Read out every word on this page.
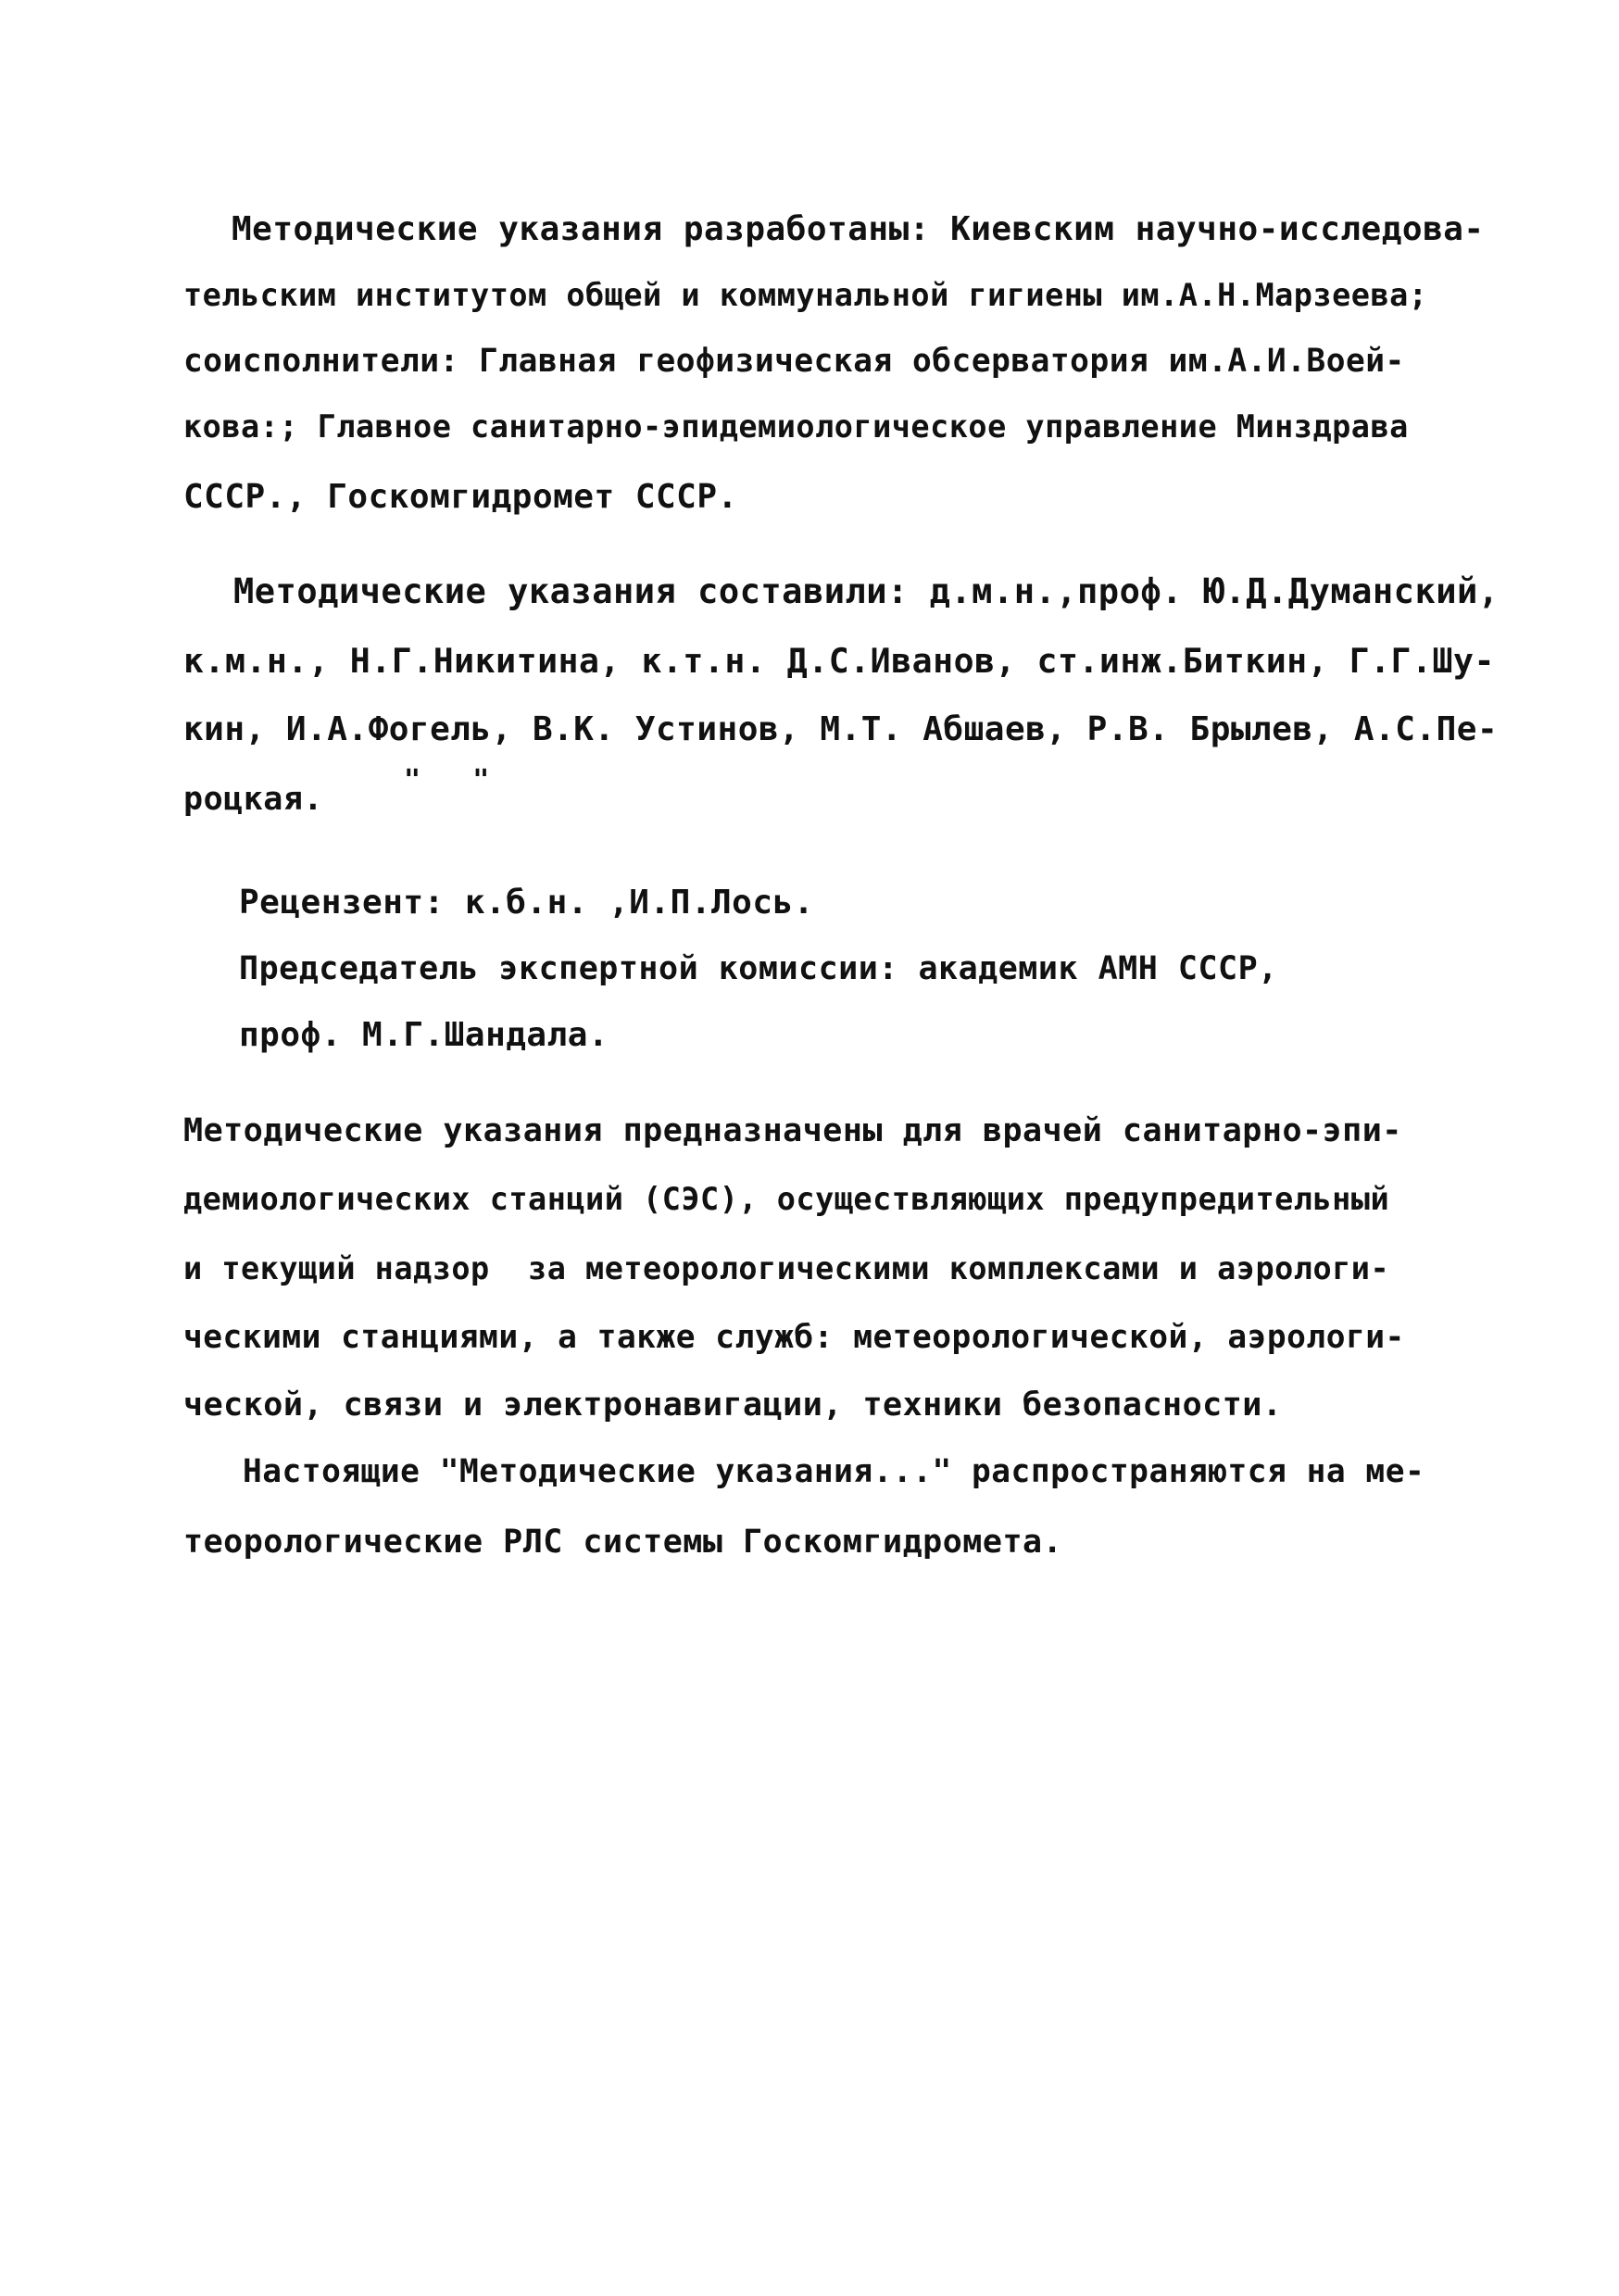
Методические указания разработаны: Киевским научно-исследова-
тельским институтом общей и коммунальной гигиены им.А.Н.Марзеева;
соисполнители: Главная геофизическая обсерватория им.А.И.Воей-
кова:; Главное санитарно-эпидемиологическое управление Минздрава
СССР., Госкомгидромет СССР.
Методические указания составили: д.м.н.,проф. Ю.Д.Думанский,
к.м.н., Н.Г.Никитина, к.т.н. Д.С.Иванов, ст.инж.Биткин, Г.Г.Шу-
кин, И.А.Фогель, В.К. Устинов, М.Т. Абшаев, Р.В. Брылев, А.С.Пе-
роцкая.
"   "
Рецензент: к.б.н. ,И.П.Лось.
Председатель экспертной комиссии: академик АМН СССР,
проф. М.Г.Шандала.
Методические указания предназначены для врачей санитарно-эпи-
демиологических станций (СЭС), осуществляющих предупредительный
и текущий надзор  за метеорологическими комплексами и аэрологи-
ческими станциями, а также служб: метеорологической, аэрологи-
ческой, связи и электронавигации, техники безопасности.
Настоящие "Методические указания..." распространяются на ме-
теорологические РЛС системы Госкомгидромета.
